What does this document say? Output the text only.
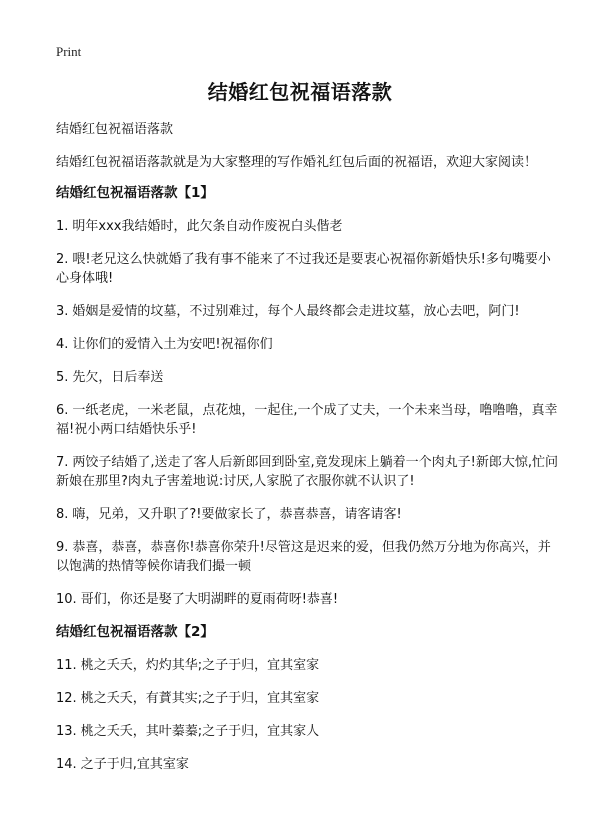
Print
结婚红包祝福语落款

结婚红包祝福语落款

结婚红包祝福语落款就是为大家整理的写作婚礼红包后面的祝福语，欢迎大家阅读！

结婚红包祝福语落款【1】

1. 明年xxx我结婚时，此欠条自动作废祝白头偕老
2. 喂!老兄这么快就婚了我有事不能来了不过我还是要衷心祝福你新婚快乐!多句嘴要小心身体哦!
3. 婚姻是爱情的坟墓，不过别难过，每个人最终都会走进坟墓，放心去吧，阿门!
4. 让你们的爱情入土为安吧!祝福你们
5. 先欠，日后奉送
6. 一纸老虎，一米老鼠，点花烛，一起住,一个成了丈夫，一个未来当母，噜噜噜，真幸福!祝小两口结婚快乐乎!
7. 两饺子结婚了,送走了客人后新郎回到卧室,竟发现床上躺着一个肉丸子!新郎大惊,忙问新娘在那里?肉丸子害羞地说:讨厌,人家脱了衣服你就不认识了!
8. 嗨，兄弟，又升职了?!要做家长了，恭喜恭喜，请客请客!
9. 恭喜，恭喜，恭喜你!恭喜你荣升!尽管这是迟来的爱，但我仍然万分地为你高兴，并以饱满的热情等候你请我们撮一顿
10. 哥们，你还是娶了大明湖畔的夏雨荷呀!恭喜!

结婚红包祝福语落款【2】

11. 桃之夭夭，灼灼其华;之子于归，宜其室家
12. 桃之夭夭，有蕡其实;之子于归，宜其室家
13. 桃之夭夭，其叶蓁蓁;之子于归，宜其家人
14. 之子于归,宜其室家
